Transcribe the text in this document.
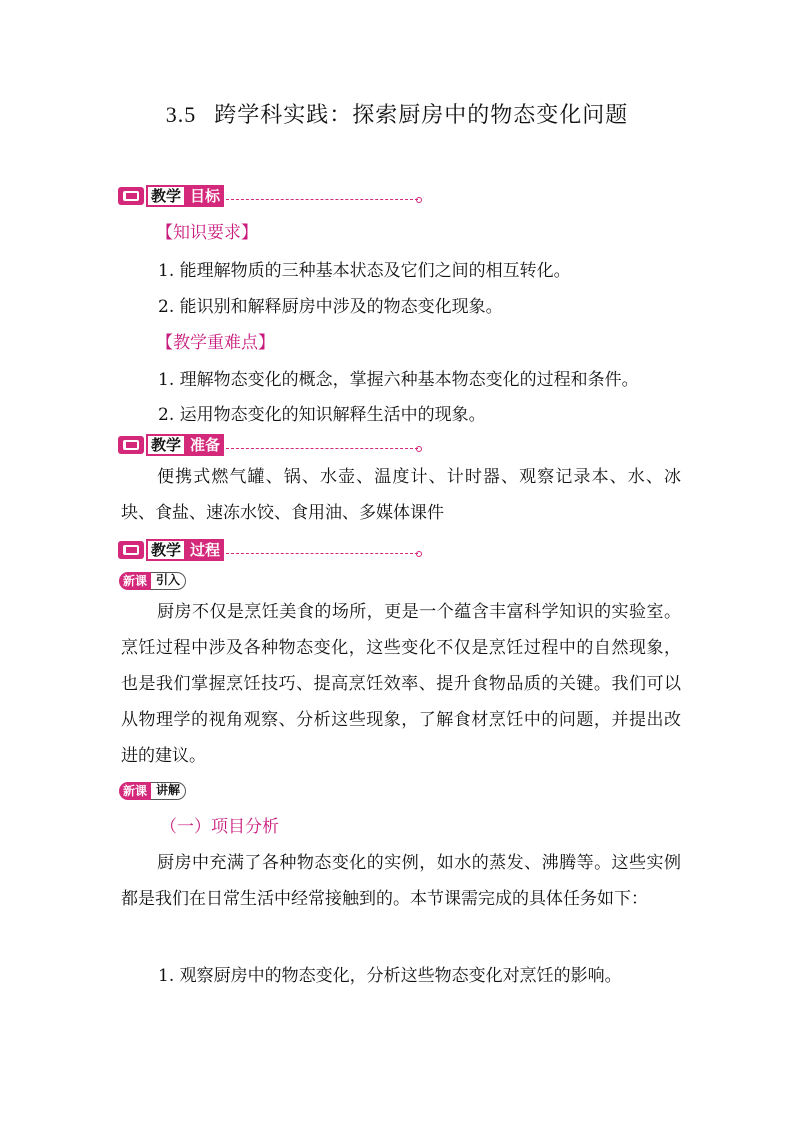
3.5 跨学科实践：探索厨房中的物态变化问题
教学 目标
【知识要求】
1. 能理解物质的三种基本状态及它们之间的相互转化。
2. 能识别和解释厨房中涉及的物态变化现象。
【教学重难点】
1. 理解物态变化的概念，掌握六种基本物态变化的过程和条件。
2. 运用物态变化的知识解释生活中的现象。
教学 准备
便携式燃气罐、锅、水壶、温度计、计时器、观察记录本、水、冰块、食盐、速冻水饺、食用油、多媒体课件
教学 过程
新课 引入
厨房不仅是烹饪美食的场所，更是一个蕴含丰富科学知识的实验室。烹饪过程中涉及各种物态变化，这些变化不仅是烹饪过程中的自然现象，也是我们掌握烹饪技巧、提高烹饪效率、提升食物品质的关键。我们可以从物理学的视角观察、分析这些现象，了解食材烹饪中的问题，并提出改进的建议。
新课 讲解
（一）项目分析
厨房中充满了各种物态变化的实例，如水的蒸发、沸腾等。这些实例都是我们在日常生活中经常接触到的。本节课需完成的具体任务如下：
1. 观察厨房中的物态变化，分析这些物态变化对烹饪的影响。
